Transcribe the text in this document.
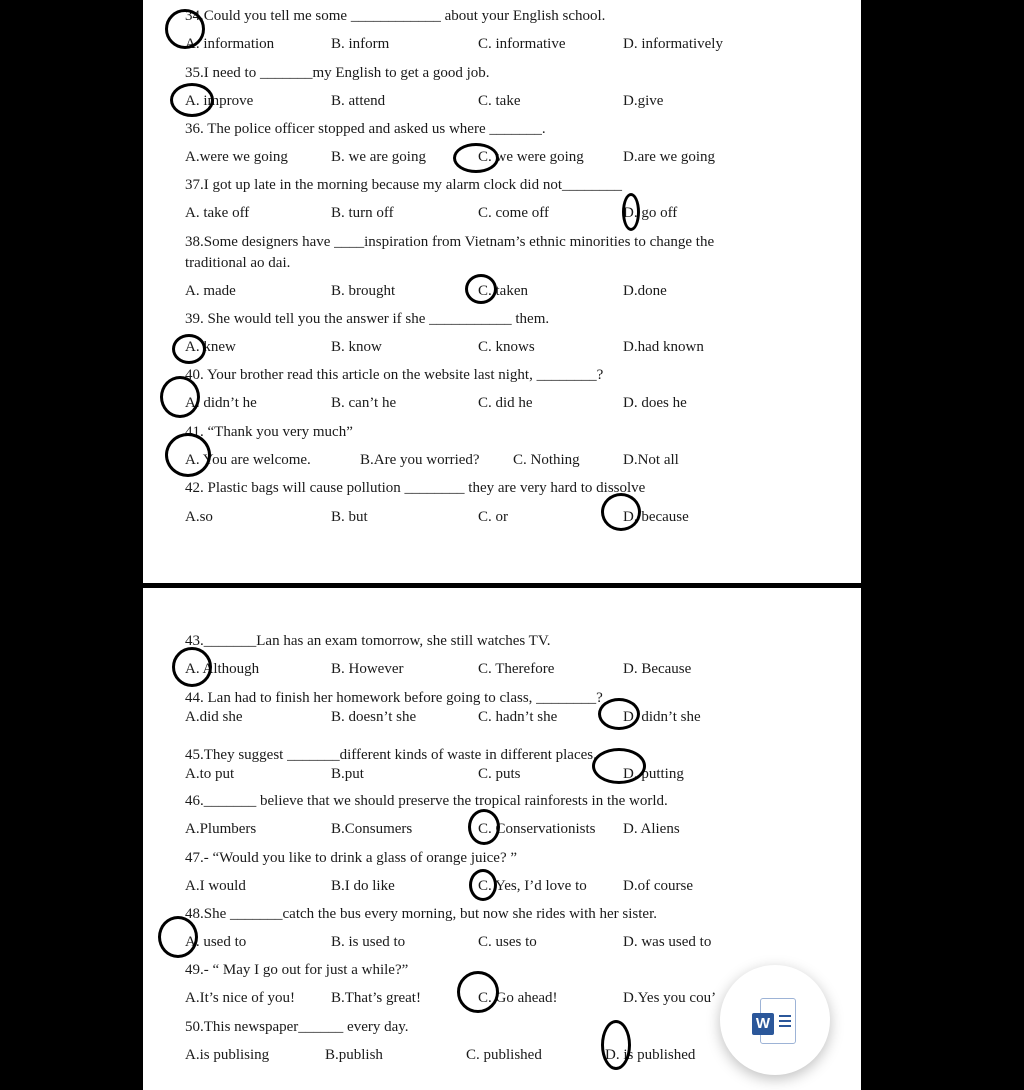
34.Could you tell me some ____________ about your English school.
A. information	B. inform	C. informative	D. informatively
35.I need to _______my English to get a good job.
A. improve	B. attend	C. take	D.give
36. The police officer stopped and asked us where _______.
A.were we going	B. we are going	C. we were going	D.are we going
37.I got up late in the morning because my alarm clock did not________
A. take off	B. turn off	C. come off	D. go off
38.Some designers have ____inspiration from Vietnam’s ethnic minorities to change the traditional ao dai.
A. made	B. brought	C. taken	D.done
39. She would tell you the answer if she ___________ them.
A. knew	B. know	C. knows	D.had known
40. Your brother read this article on the website last night, ________?
A. didn’t he	B. can’t he	C. did he	D. does he
41. “Thank you very much”
A. You are welcome.	B.Are you worried? C. Nothing	D.Not all
42. Plastic bags will cause pollution ________ they are very hard to dissolve
A.so	B. but	C. or	D. because
43._______Lan has an exam tomorrow, she still watches TV.
A. Although	B. However	C. Therefore	D. Because
44. Lan had to finish her homework before going to class, ________?
A.did she	B. doesn’t she	C. hadn’t she	D. didn’t she
45.They suggest _______different kinds of waste in different places.
A.to put	B.put	C. puts	D. putting
46._______ believe that we should preserve the tropical rainforests in the world.
A.Plumbers	B.Consumers	C. Conservationists D. Aliens
47.- “Would you like to drink a glass of orange juice? ”
A.I would	B.I do like	C. Yes, I’d love to D.of course
48.She _______catch the bus every morning, but now she rides with her sister.
A. used to	B. is used to	C. uses to	D. was used to
49.- “ May I go out for just a while?”
A.It’s nice of you! B.That’s great!	C. Go ahead!	D.Yes you cou’
50.This newspaper______ every day.
A.is publising	B.publish	C. published	D. is published
W
